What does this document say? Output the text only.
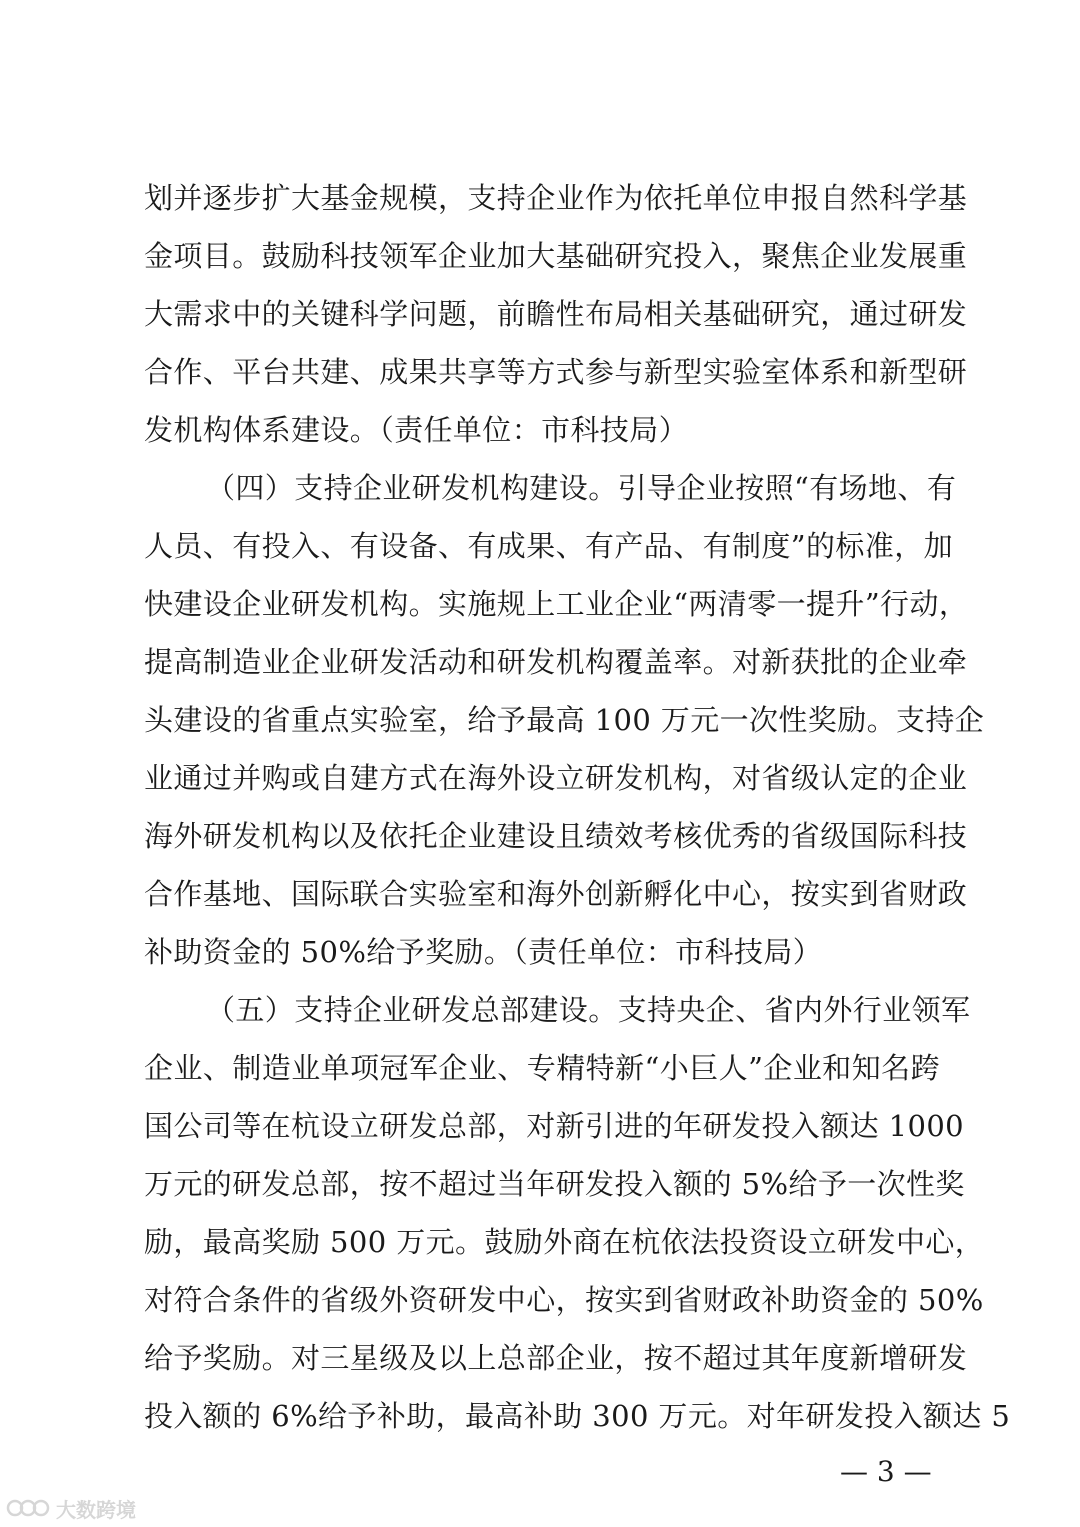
划并逐步扩大基金规模，支持企业作为依托单位申报自然科学基
金项目。鼓励科技领军企业加大基础研究投入，聚焦企业发展重
大需求中的关键科学问题，前瞻性布局相关基础研究，通过研发
合作、平台共建、成果共享等方式参与新型实验室体系和新型研
发机构体系建设。（责任单位：市科技局）
（四）支持企业研发机构建设。引导企业按照“有场地、有
人员、有投入、有设备、有成果、有产品、有制度”的标准，加
快建设企业研发机构。实施规上工业企业“两清零一提升”行动，
提高制造业企业研发活动和研发机构覆盖率。对新获批的企业牵
头建设的省重点实验室，给予最高 100 万元一次性奖励。支持企
业通过并购或自建方式在海外设立研发机构，对省级认定的企业
海外研发机构以及依托企业建设且绩效考核优秀的省级国际科技
合作基地、国际联合实验室和海外创新孵化中心，按实到省财政
补助资金的 50%给予奖励。（责任单位：市科技局）
（五）支持企业研发总部建设。支持央企、省内外行业领军
企业、制造业单项冠军企业、专精特新“小巨人”企业和知名跨
国公司等在杭设立研发总部，对新引进的年研发投入额达 1000
万元的研发总部，按不超过当年研发投入额的 5%给予一次性奖
励，最高奖励 500 万元。鼓励外商在杭依法投资设立研发中心，
对符合条件的省级外资研发中心，按实到省财政补助资金的 50%
给予奖励。对三星级及以上总部企业，按不超过其年度新增研发
— 3 —
大数跨境
投入额的 6%给予补助，最高补助 300 万元。对年研发投入额达 5
